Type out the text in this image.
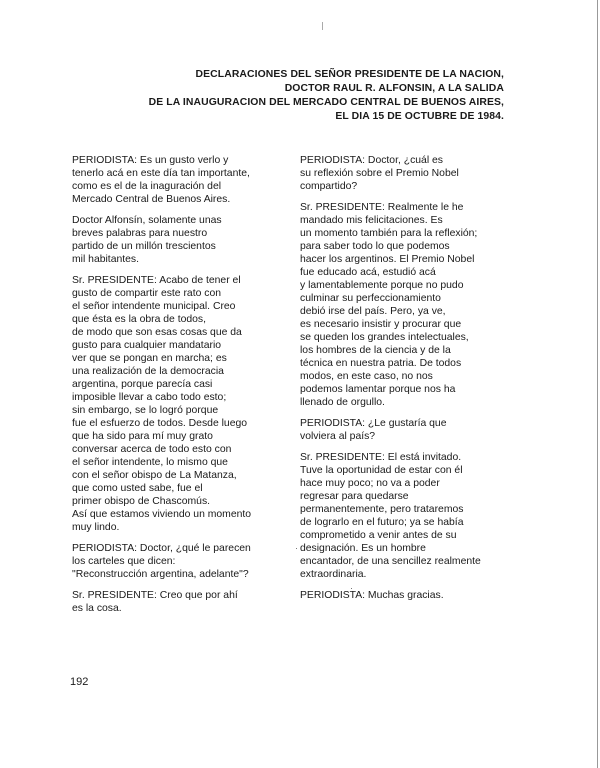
DECLARACIONES DEL SEÑOR PRESIDENTE DE LA NACION,
DOCTOR RAUL R. ALFONSIN, A LA SALIDA
DE LA INAUGURACION DEL MERCADO CENTRAL DE BUENOS AIRES,
EL DIA 15 DE OCTUBRE DE 1984.
PERIODISTA: Es un gusto verlo y
tenerlo acá en este día tan importante,
como es el de la inaguración del
Mercado Central de Buenos Aires.
Doctor Alfonsín, solamente unas
breves palabras para nuestro
partido de un millón trescientos
mil habitantes.
Sr. PRESIDENTE: Acabo de tener el
gusto de compartir este rato con
el señor intendente municipal. Creo
que ésta es la obra de todos,
de modo que son esas cosas que da
gusto para cualquier mandatario
ver que se pongan en marcha; es
una realización de la democracia
argentina, porque parecía casi
imposible llevar a cabo todo esto;
sin embargo, se lo logró porque
fue el esfuerzo de todos. Desde luego
que ha sido para mí muy grato
conversar acerca de todo esto con
el señor intendente, lo mismo que
con el señor obispo de La Matanza,
que como usted sabe, fue el
primer obispo de Chascomús.
Así que estamos viviendo un momento
muy lindo.
PERIODISTA: Doctor, ¿qué le parecen
los carteles que dicen:
"Reconstrucción argentina, adelante"?
Sr. PRESIDENTE: Creo que por ahí
es la cosa.
PERIODISTA: Doctor, ¿cuál es
su reflexión sobre el Premio Nobel
compartido?
Sr. PRESIDENTE: Realmente le he
mandado mis felicitaciones. Es
un momento también para la reflexión;
para saber todo lo que podemos
hacer los argentinos. El Premio Nobel
fue educado acá, estudió acá
y lamentablemente porque no pudo
culminar su perfeccionamiento
debió irse del país. Pero, ya ve,
es necesario insistir y procurar que
se queden los grandes intelectuales,
los hombres de la ciencia y de la
técnica en nuestra patria. De todos
modos, en este caso, no nos
podemos lamentar porque nos ha
llenado de orgullo.
PERIODISTA: ¿Le gustaría que
volviera al país?
Sr. PRESIDENTE: El está invitado.
Tuve la oportunidad de estar con él
hace muy poco; no va a poder
regresar para quedarse
permanentemente, pero trataremos
de lograrlo en el futuro; ya se había
comprometido a venir antes de su
designación. Es un hombre
encantador, de una sencillez realmente
extraordinaria.
PERIODISTA: Muchas gracias.
192
